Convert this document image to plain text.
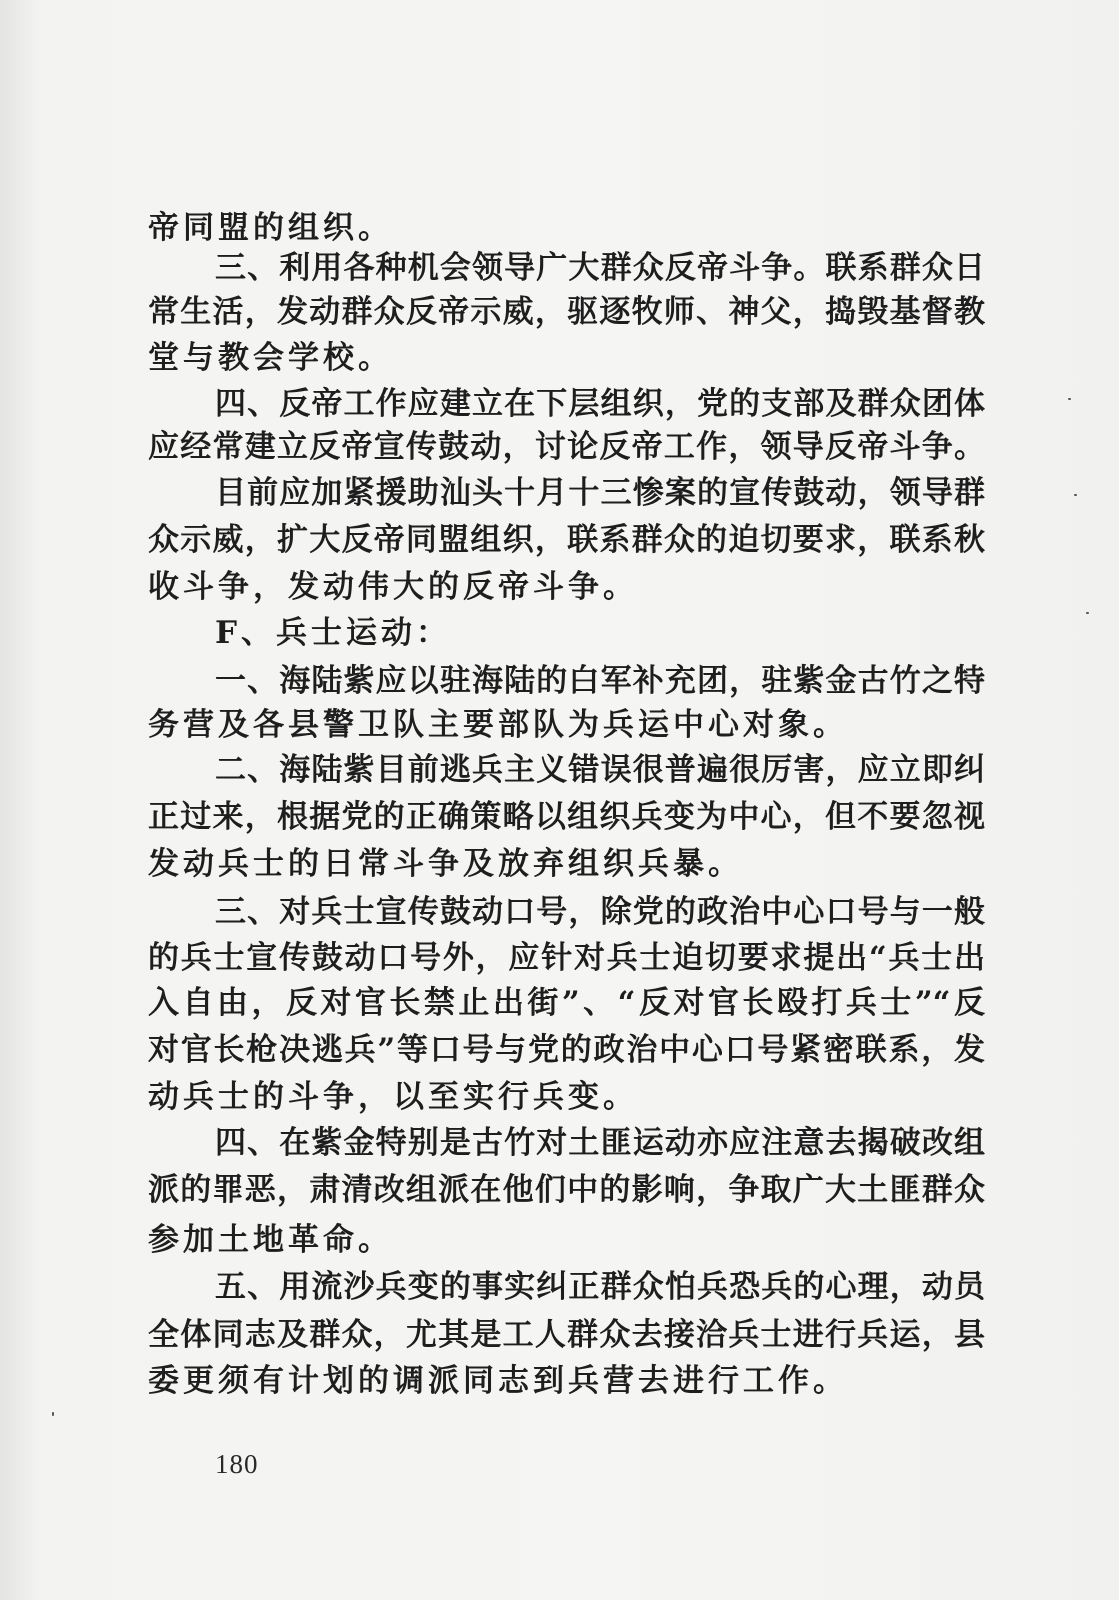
帝同盟的组织。
三、利用各种机会领导广大群众反帝斗争。联系群众日
常生活，发动群众反帝示威，驱逐牧师、神父，捣毁基督教
堂与教会学校。
四、反帝工作应建立在下层组织，党的支部及群众团体
应经常建立反帝宣传鼓动，讨论反帝工作，领导反帝斗争。
目前应加紧援助汕头十月十三惨案的宣传鼓动，领导群
众示威，扩大反帝同盟组织，联系群众的迫切要求，联系秋
收斗争，发动伟大的反帝斗争。
F、兵士运动：
一、海陆紫应以驻海陆的白军补充团，驻紫金古竹之特
务营及各县警卫队主要部队为兵运中心对象。
二、海陆紫目前逃兵主义错误很普遍很厉害，应立即纠
正过来，根据党的正确策略以组织兵变为中心，但不要忽视
发动兵士的日常斗争及放弃组织兵暴。
三、对兵士宣传鼓动口号，除党的政治中心口号与一般
的兵士宣传鼓动口号外，应针对兵士迫切要求提出“兵士出
入自由，反对官长禁止出街”、“反对官长殴打兵士”“反
对官长枪决逃兵”等口号与党的政治中心口号紧密联系，发
动兵士的斗争，以至实行兵变。
四、在紫金特别是古竹对土匪运动亦应注意去揭破改组
派的罪恶，肃清改组派在他们中的影响，争取广大土匪群众
参加土地革命。
五、用流沙兵变的事实纠正群众怕兵恐兵的心理，动员
全体同志及群众，尤其是工人群众去接洽兵士进行兵运，县
委更须有计划的调派同志到兵营去进行工作。
180
